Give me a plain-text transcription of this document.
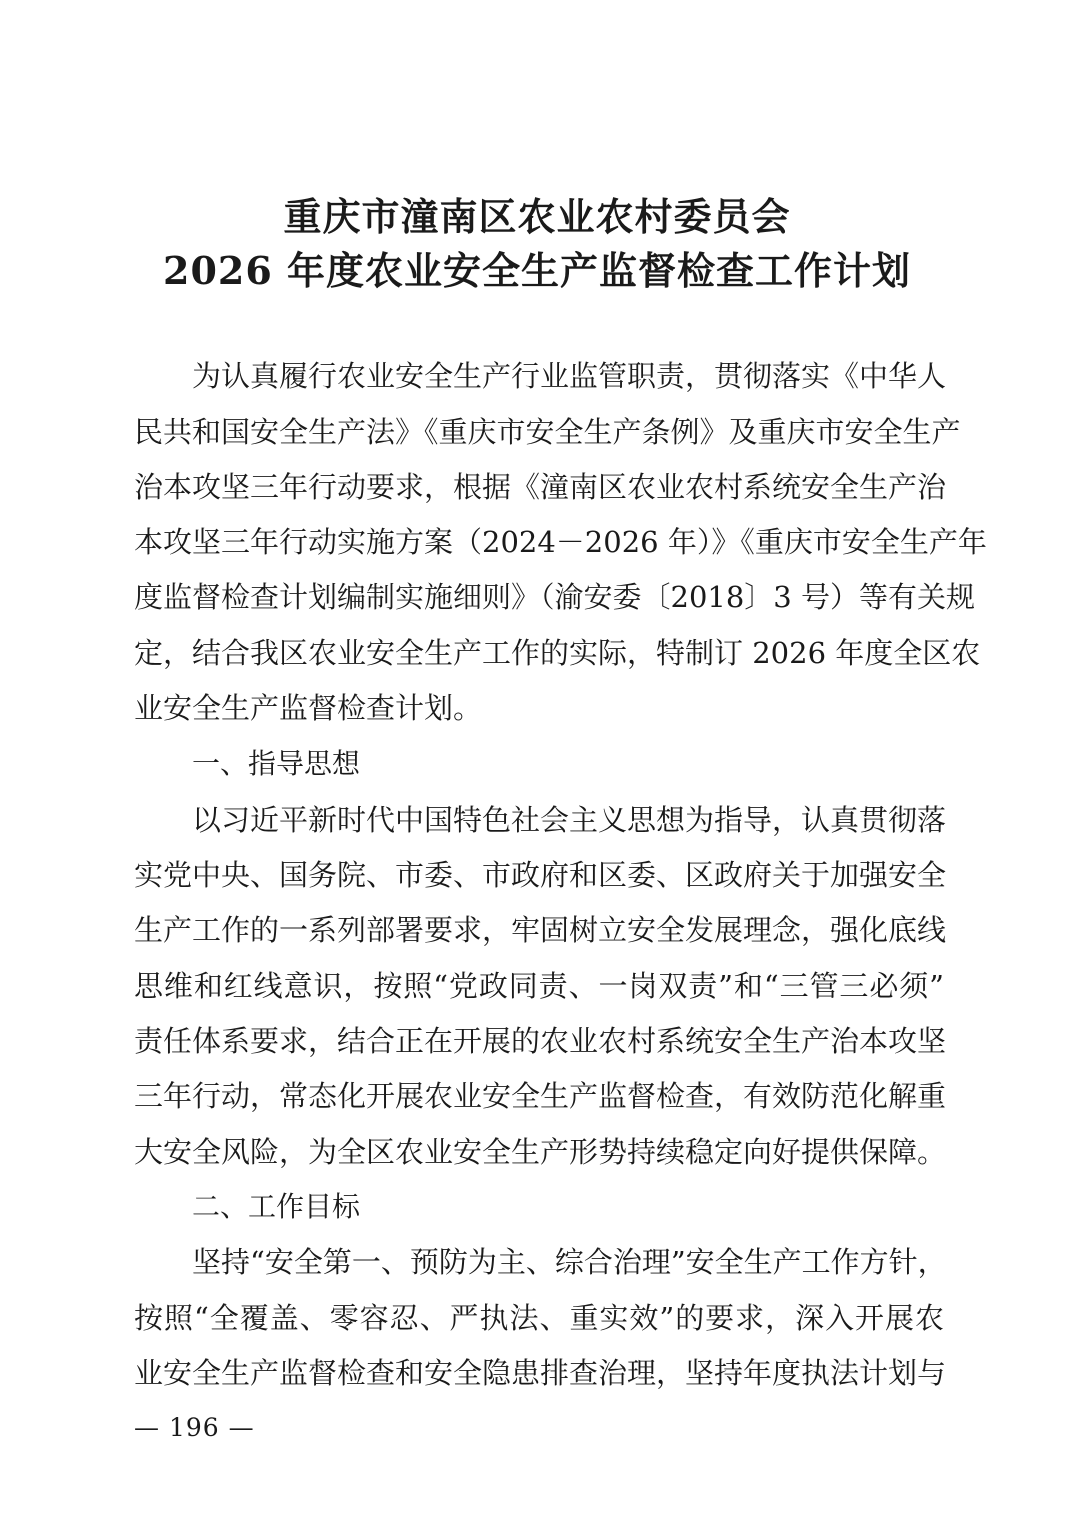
重庆市潼南区农业农村委员会
2026 年度农业安全生产监督检查工作计划
为认真履行农业安全生产行业监管职责，贯彻落实《中华人
民共和国安全生产法》《重庆市安全生产条例》及重庆市安全生产
治本攻坚三年行动要求，根据《潼南区农业农村系统安全生产治
本攻坚三年行动实施方案（2024－2026 年）》《重庆市安全生产年
度监督检查计划编制实施细则》（渝安委〔2018〕3 号）等有关规
定，结合我区农业安全生产工作的实际，特制订 2026 年度全区农
业安全生产监督检查计划。
一、指导思想
以习近平新时代中国特色社会主义思想为指导，认真贯彻落
实党中央、国务院、市委、市政府和区委、区政府关于加强安全
生产工作的一系列部署要求，牢固树立安全发展理念，强化底线
思维和红线意识，按照“党政同责、一岗双责”和“三管三必须”
责任体系要求，结合正在开展的农业农村系统安全生产治本攻坚
三年行动，常态化开展农业安全生产监督检查，有效防范化解重
大安全风险，为全区农业安全生产形势持续稳定向好提供保障。
二、工作目标
坚持“安全第一、预防为主、综合治理”安全生产工作方针，
按照“全覆盖、零容忍、严执法、重实效”的要求，深入开展农
业安全生产监督检查和安全隐患排查治理，坚持年度执法计划与
— 196 —
